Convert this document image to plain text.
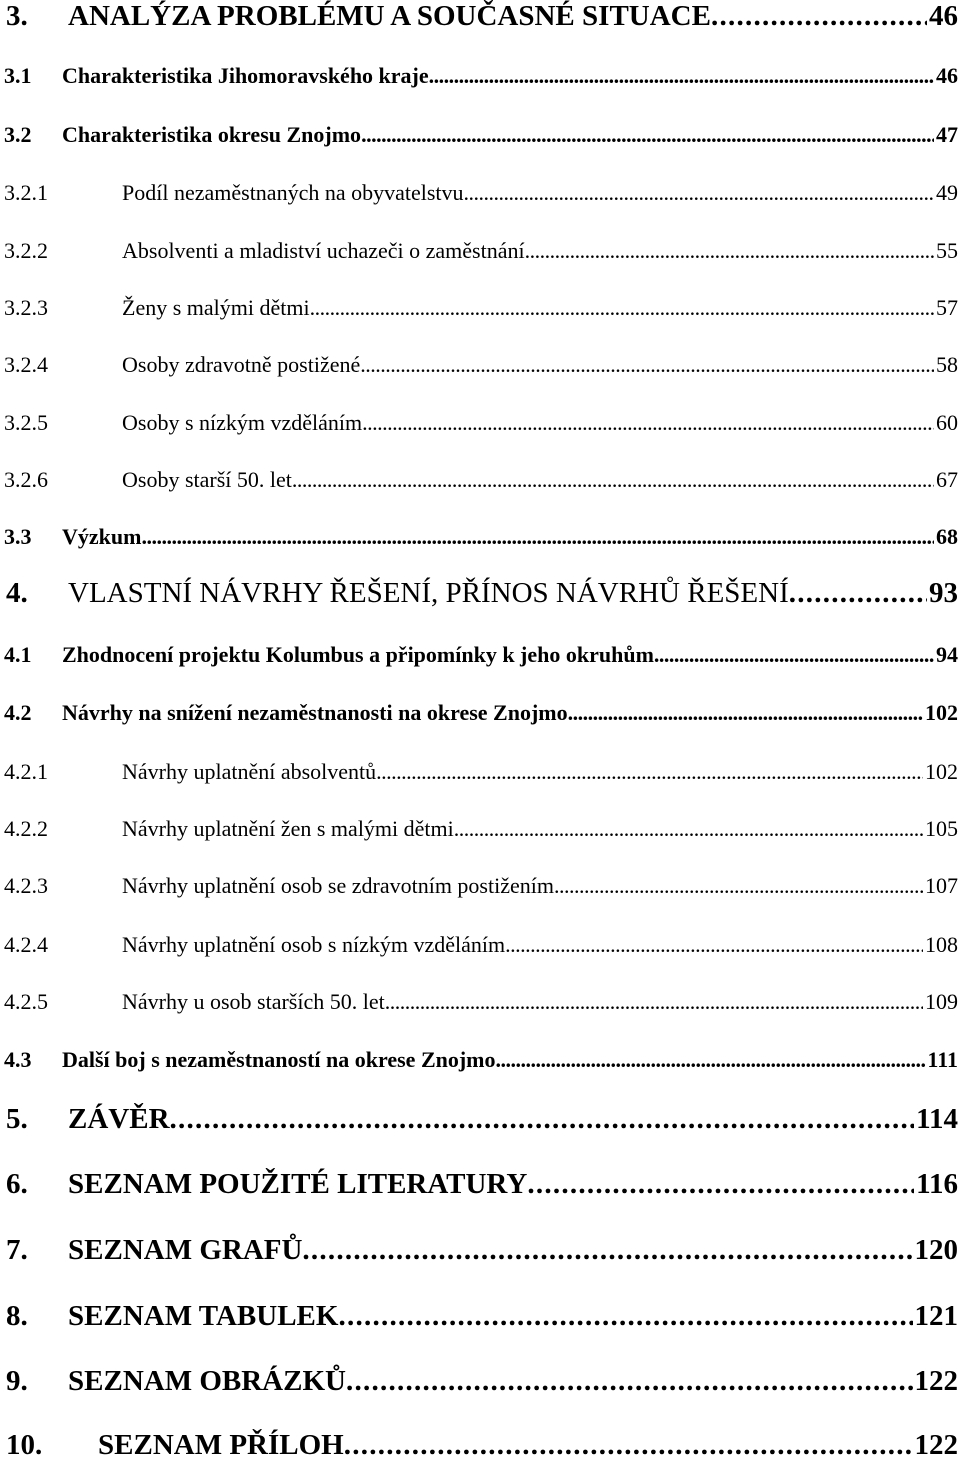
3.	ANALÝZA PROBLÉMU A SOUČASNÉ SITUACE . . .	46
3.1	Charakteristika Jihomoravského kraje . . .	46
3.2	Charakteristika okresu Znojmo . . .	47
3.2.1	Podíl nezaměstnaných na obyvatelstvu . . .	49
3.2.2	Absolventi a mladiství uchazeči o zaměstnání . . .	55
3.2.3	Ženy s malými dětmi . . .	57
3.2.4	Osoby zdravotně postižené . . .	58
3.2.5	Osoby s nízkým vzděláním . . .	60
3.2.6	Osoby starší 50. let . . .	67
3.3	Výzkum . . .	68
4.	VLASTNÍ NÁVRHY ŘEŠENÍ, PŘÍNOS NÁVRHŮ ŘEŠENÍ . . .	93
4.1	Zhodnocení projektu Kolumbus a připomínky k jeho okruhům . . .	94
4.2	Návrhy na snížení nezaměstnanosti na okrese Znojmo . . .	102
4.2.1	Návrhy uplatnění absolventů . . .	102
4.2.2	Návrhy uplatnění žen s malými dětmi . . .	105
4.2.3	Návrhy uplatnění osob se zdravotním postižením . . .	107
4.2.4	Návrhy uplatnění osob s nízkým vzděláním . . .	108
4.2.5	Návrhy u osob starších 50. let . . .	109
4.3	Další boj s nezaměstnaností na okrese Znojmo . . .	111
5.	ZÁVĚR . . .	114
6.	SEZNAM POUŽITÉ LITERATURY . . .	116
7.	SEZNAM GRAFŮ . . .	120
8.	SEZNAM TABULEK . . .	121
9.	SEZNAM OBRÁZKŮ . . .	122
10.	SEZNAM PŘÍLOH . . .	122
